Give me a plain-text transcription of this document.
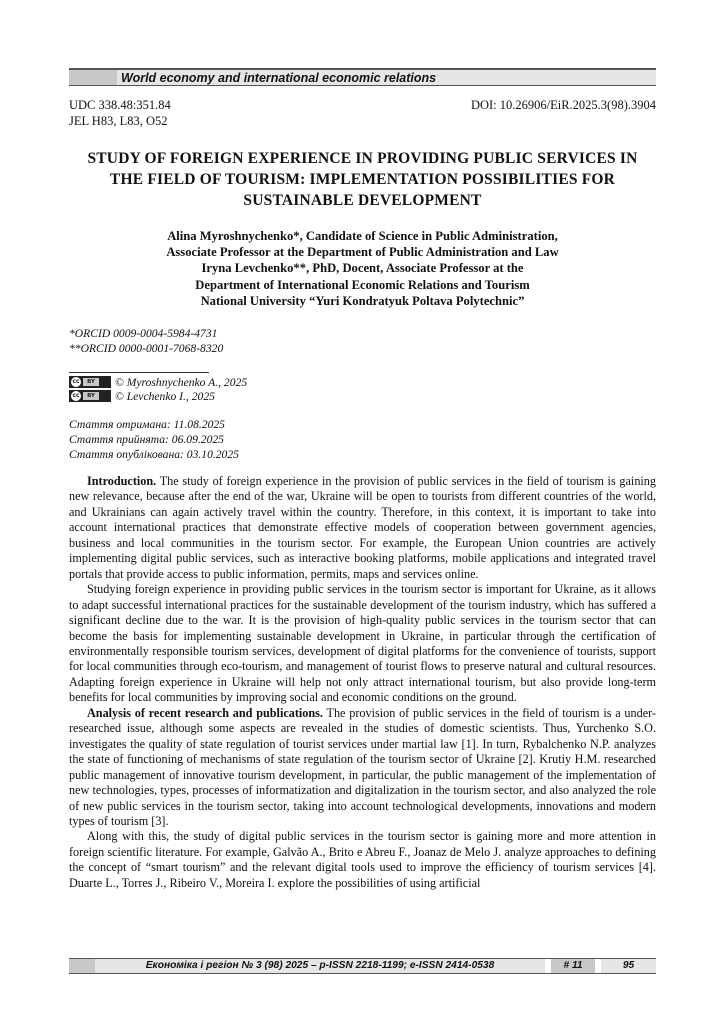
World economy and international economic relations
UDC 338.48:351.84
JEL H83, L83, O52
DOI: 10.26906/EiR.2025.3(98).3904
STUDY OF FOREIGN EXPERIENCE IN PROVIDING PUBLIC SERVICES IN THE FIELD OF TOURISM: IMPLEMENTATION POSSIBILITIES FOR SUSTAINABLE DEVELOPMENT
Alina Myroshnychenko*, Candidate of Science in Public Administration,
Associate Professor at the Department of Public Administration and Law
Iryna Levchenko**, PhD, Docent, Associate Professor at the
Department of International Economic Relations and Tourism
National University “Yuri Kondratyuk Poltava Polytechnic”
*ORCID 0009-0004-5984-4731
**ORCID 0000-0001-7068-8320
cc	BY	© Myroshnychenko A., 2025
cc	BY	© Levchenko I., 2025
Стаття отримана: 11.08.2025
Стаття прийнята: 06.09.2025
Стаття опублікована: 03.10.2025

Introduction. The study of foreign experience in the provision of public services in the field of tourism is gaining new relevance, because after the end of the war, Ukraine will be open to tourists from different countries of the world, and Ukrainians can again actively travel within the country. Therefore, in this context, it is important to take into account international practices that demonstrate effective models of cooperation between government agencies, business and local communities in the tourism sector. For example, the European Union countries are actively implementing digital public services, such as interactive booking platforms, mobile applications and integrated travel portals that provide access to public information, permits, maps and services online.

Studying foreign experience in providing public services in the tourism sector is important for Ukraine, as it allows to adapt successful international practices for the sustainable development of the tourism industry, which has suffered a significant decline due to the war. It is the provision of high-quality public services in the tourism sector that can become the basis for implementing sustainable development in Ukraine, in particular through the certification of environmentally responsible tourism services, development of digital platforms for the convenience of tourists, support for local communities through eco-tourism, and management of tourist flows to preserve natural and cultural resources. Adapting foreign experience in Ukraine will help not only attract international tourism, but also provide long-term benefits for local communities by improving social and economic conditions on the ground.

Analysis of recent research and publications. The provision of public services in the field of tourism is a under-researched issue, although some aspects are revealed in the studies of domestic scientists. Thus, Yurchenko S.O. investigates the quality of state regulation of tourist services under martial law [1]. In turn, Rybalchenko N.P. analyzes the state of functioning of mechanisms of state regulation of the tourism sector of Ukraine [2]. Krutiy H.M. researched public management of innovative tourism development, in particular, the public management of the implementation of new technologies, types, processes of informatization and digitalization in the tourism sector, and also analyzed the role of new public services in the tourism sector, taking into account technological developments, innovations and modern types of tourism [3].

Along with this, the study of digital public services in the tourism sector is gaining more and more attention in foreign scientific literature. For example, Galvão A., Brito e Abreu F., Joanaz de Melo J. analyze approaches to defining the concept of “smart tourism” and the relevant digital tools used to improve the efficiency of tourism services [4]. Duarte L., Torres J., Ribeiro V., Moreira I. explore the possibilities of using artificial

Економіка і регіон № 3 (98) 2025 – p-ISSN 2218-1199; e-ISSN 2414-0538	# 11	95
